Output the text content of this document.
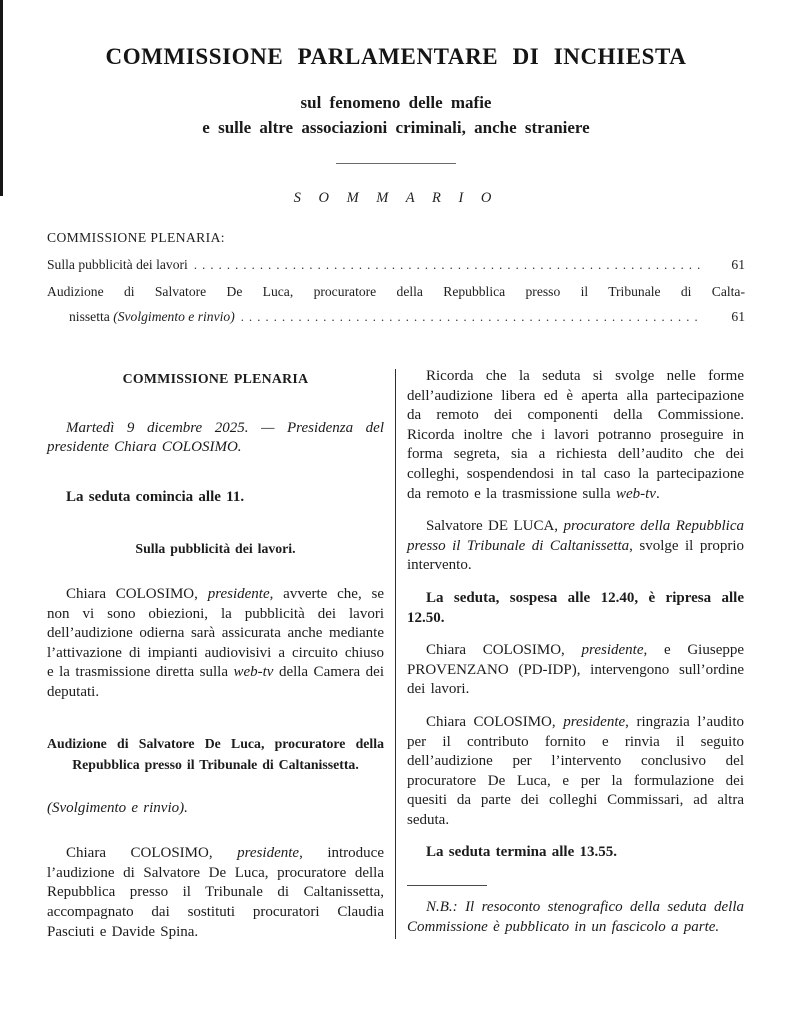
COMMISSIONE PARLAMENTARE DI INCHIESTA
sul fenomeno delle mafie
e sulle altre associazioni criminali, anche straniere
S O M M A R I O
COMMISSIONE PLENARIA:
Sulla pubblicità dei lavori . . .	61
Audizione di Salvatore De Luca, procuratore della Repubblica presso il Tribunale di Calta-
nissetta (Svolgimento e rinvio) . . .	61
COMMISSIONE PLENARIA

Martedì 9 dicembre 2025. — Presidenza del presidente Chiara COLOSIMO.

La seduta comincia alle 11.

Sulla pubblicità dei lavori.

Chiara COLOSIMO, presidente, avverte che, se non vi sono obiezioni, la pubblicità dei lavori dell’audizione odierna sarà assicurata anche mediante l’attivazione di impianti audiovisivi a circuito chiuso e la trasmissione diretta sulla web-tv della Camera dei deputati.

Audizione di Salvatore De Luca, procuratore della Repubblica presso il Tribunale di Caltanissetta.

(Svolgimento e rinvio).

Chiara COLOSIMO, presidente, introduce l’audizione di Salvatore De Luca, procuratore della Repubblica presso il Tribunale di Caltanissetta, accompagnato dai sostituti procuratori Claudia Pasciuti e Davide Spina.

Ricorda che la seduta si svolge nelle forme dell’audizione libera ed è aperta alla partecipazione da remoto dei componenti della Commissione. Ricorda inoltre che i lavori potranno proseguire in forma segreta, sia a richiesta dell’audito che dei colleghi, sospendendosi in tal caso la partecipazione da remoto e la trasmissione sulla web-tv.

Salvatore DE LUCA, procuratore della Repubblica presso il Tribunale di Caltanissetta, svolge il proprio intervento.

La seduta, sospesa alle 12.40, è ripresa alle 12.50.

Chiara COLOSIMO, presidente, e Giuseppe PROVENZANO (PD-IDP), intervengono sull’ordine dei lavori.

Chiara COLOSIMO, presidente, ringrazia l’audito per il contributo fornito e rinvia il seguito dell’audizione per l’intervento conclusivo del procuratore De Luca, e per la formulazione dei quesiti da parte dei colleghi Commissari, ad altra seduta.

La seduta termina alle 13.55.

N.B.: Il resoconto stenografico della seduta della Commissione è pubblicato in un fascicolo a parte.
